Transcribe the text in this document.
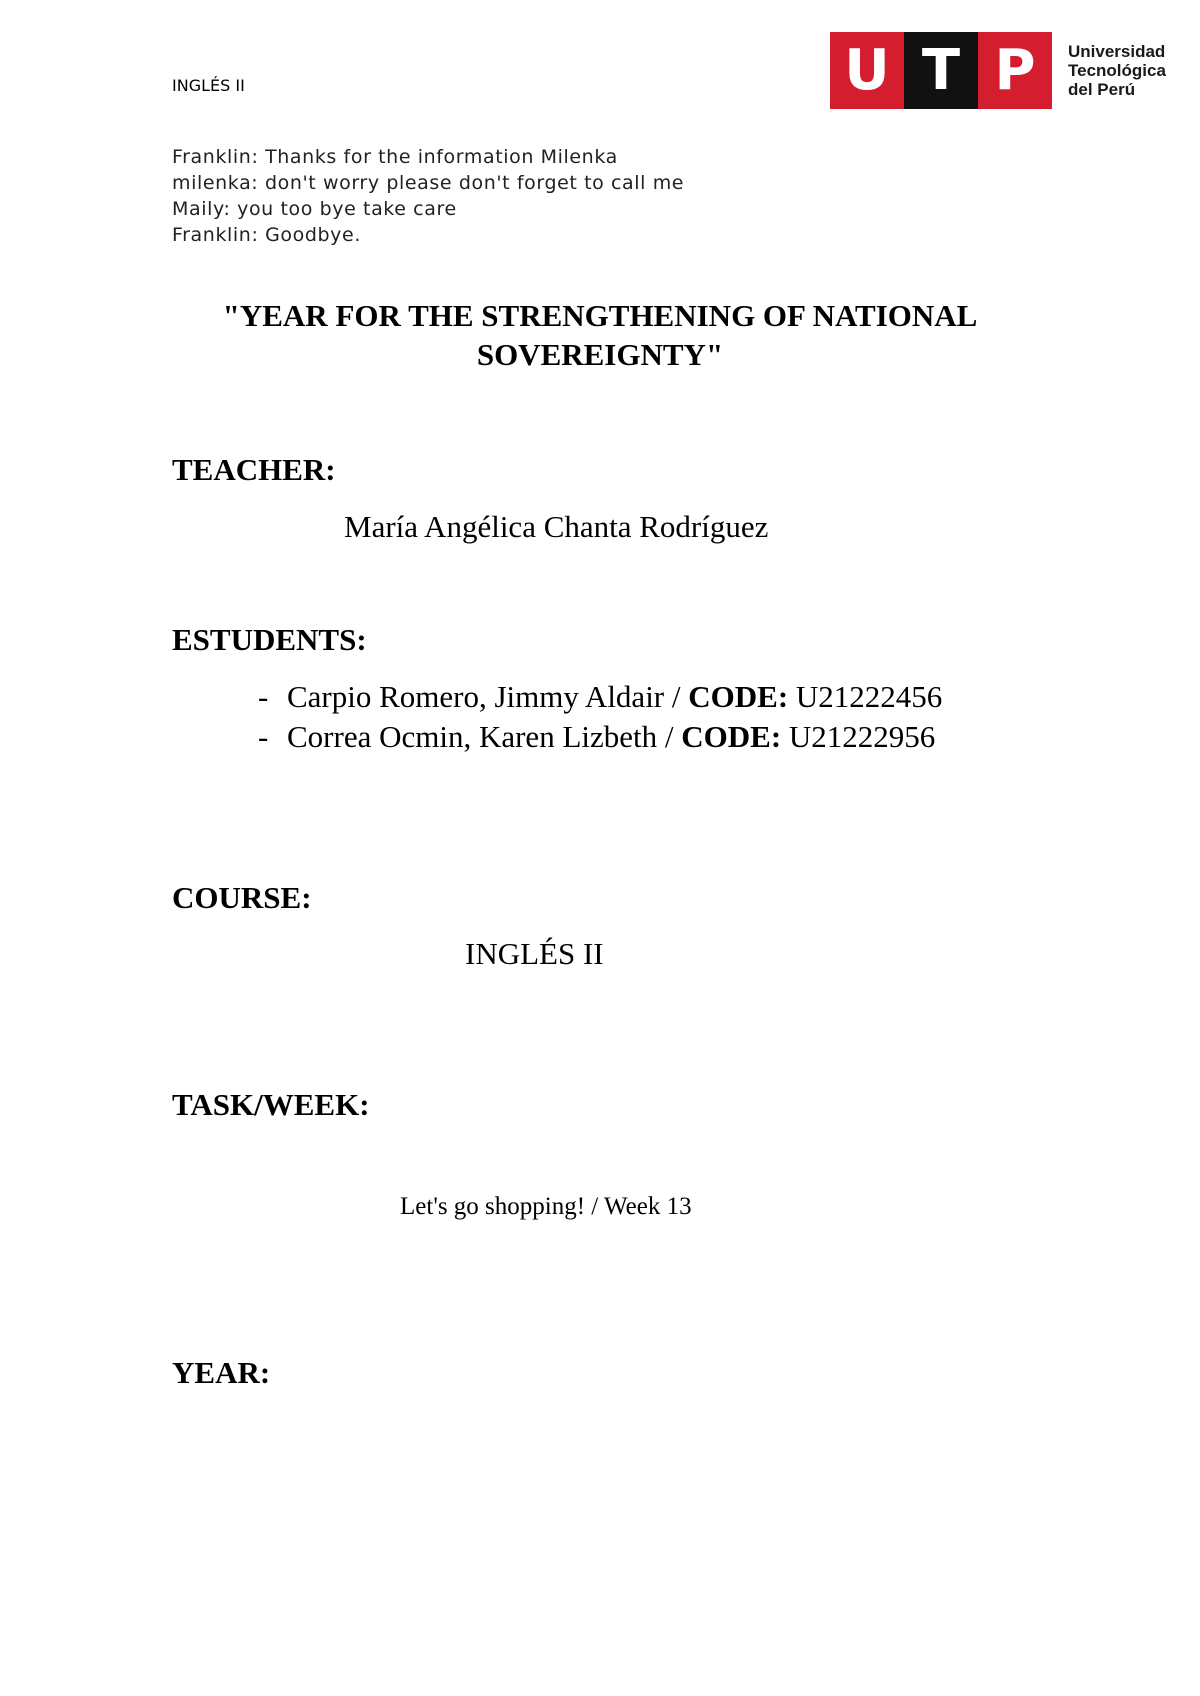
INGLÉS II	U T P	Universidad
Tecnológica
del Perú
Franklin: Thanks for the information Milenka
milenka: don't worry please don't forget to call me
Maily: you too bye take care
Franklin: Goodbye.
"YEAR FOR THE STRENGTHENING OF NATIONAL
SOVEREIGNTY"
TEACHER:
María Angélica Chanta Rodríguez
ESTUDENTS:
- Carpio Romero, Jimmy Aldair / CODE: U21222456
- Correa Ocmin, Karen Lizbeth / CODE: U21222956
COURSE:
INGLÉS II
TASK/WEEK:
Let's go shopping! / Week 13
YEAR:
